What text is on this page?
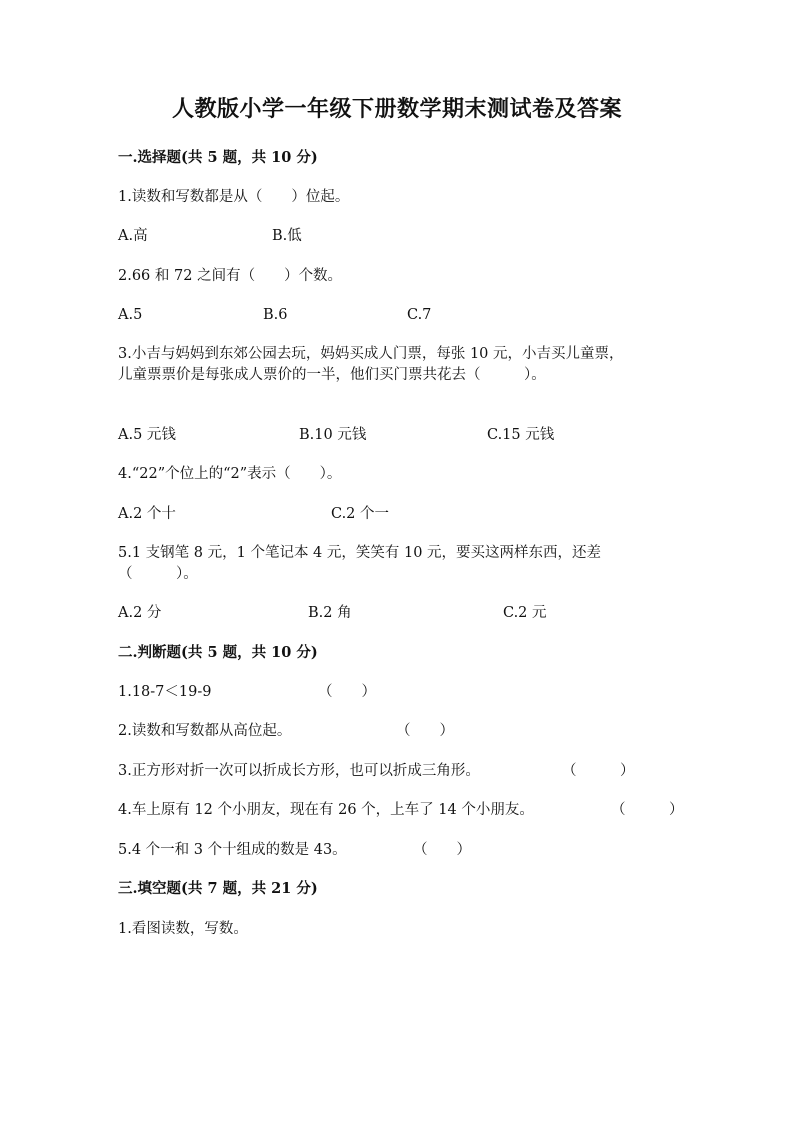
人教版小学一年级下册数学期末测试卷及答案
一.选择题(共 5 题，共 10 分)
1.读数和写数都是从（　　）位起。
A.高	B.低
2.66 和 72 之间有（　　）个数。
A.5	B.6	C.7
3.小吉与妈妈到东郊公园去玩，妈妈买成人门票，每张 10 元，小吉买儿童票，
儿童票票价是每张成人票价的一半，他们买门票共花去（　　　）。
A.5 元钱	B.10 元钱	C.15 元钱
4.“22”个位上的“2”表示（　　）。
A.2 个十	C.2 个一
5.1 支钢笔 8 元，1 个笔记本 4 元，笑笑有 10 元，要买这两样东西，还差
（　　　）。
A.2 分	B.2 角	C.2 元
二.判断题(共 5 题，共 10 分)
1.18-7＜19-9	（　　）
2.读数和写数都从高位起。	（　　）
3.正方形对折一次可以折成长方形，也可以折成三角形。	（　　　）
4.车上原有 12 个小朋友，现在有 26 个，上车了 14 个小朋友。	（　　　）
5.4 个一和 3 个十组成的数是 43。	（　　）
三.填空题(共 7 题，共 21 分)
1.看图读数，写数。
